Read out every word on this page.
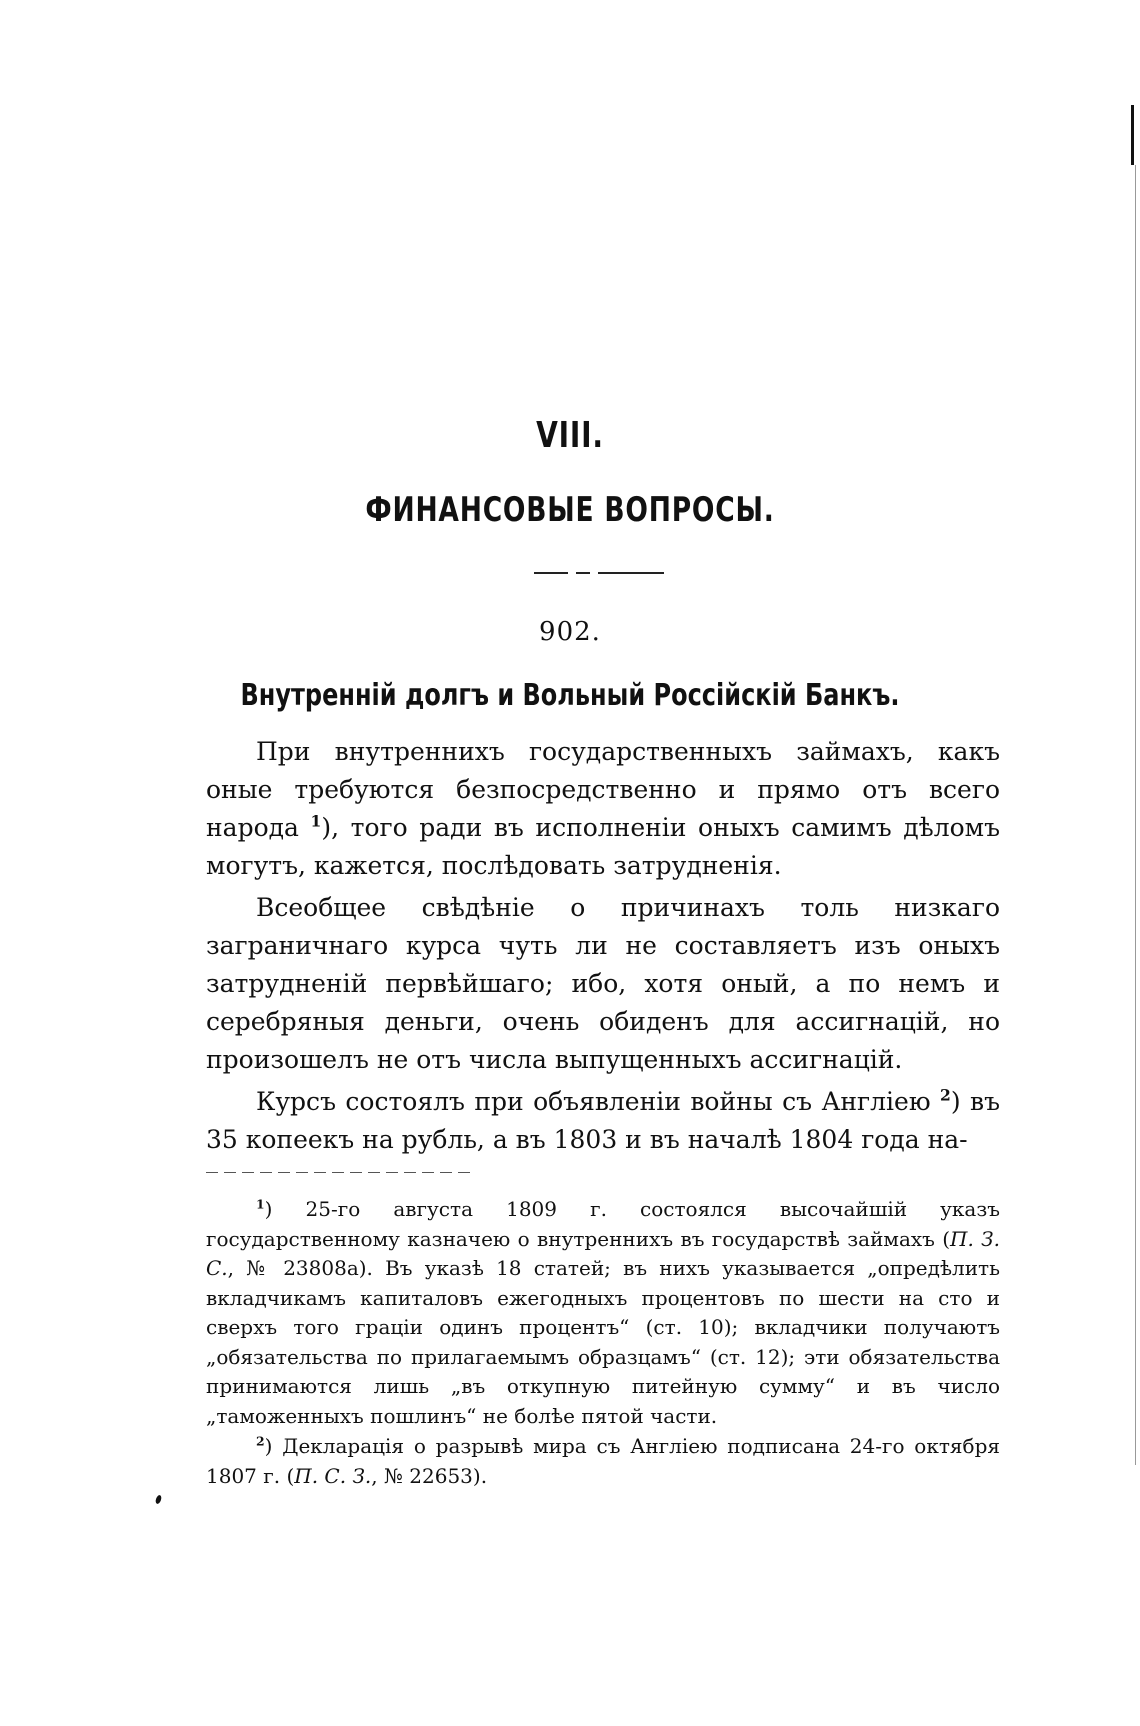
VIII.
ФИНАНСОВЫЕ ВОПРОСЫ.
902.
Внутренній долгъ и Вольный Россійскій Банкъ.

При внутреннихъ государственныхъ займахъ, какъ оные требуются безпосредственно и прямо отъ всего народа $^1$), того ради въ исполненіи оныхъ самимъ дѣломъ могутъ, кажется, послѣдовать затрудненія.

Всеобщее свѣдѣніе о причинахъ толь низкаго заграничнаго курса чуть ли не составляетъ изъ оныхъ затрудненій первѣйшаго; ибо, хотя оный, а по немъ и серебряныя деньги, очень обиденъ для ассигнацій, но произошелъ не отъ числа выпущенныхъ ассигнацій.

Курсъ состоялъ при объявленіи войны съ Англіею $^2$) въ 35 копеекъ на рубль, а въ 1803 и въ началѣ 1804 года на-

$^1$) 25-го августа 1809 г. состоялся высочайшій указъ государственному казначею о внутреннихъ въ государствѣ займахъ (П. З. С., № 23808а). Въ указѣ 18 статей; въ нихъ указывается „опредѣлить вкладчикамъ капиталовъ ежегодныхъ процентовъ по шести на сто и сверхъ того граціи одинъ процентъ“ (ст. 10); вкладчики получаютъ „обязательства по прилагаемымъ образцамъ“ (ст. 12); эти обязательства принимаются лишь „въ откупную питейную сумму“ и въ число „таможенныхъ пошлинъ“ не болѣе пятой части.

$^2$) Декларація о разрывѣ мира съ Англіею подписана 24-го октября 1807 г. (П. С. З., № 22653).
